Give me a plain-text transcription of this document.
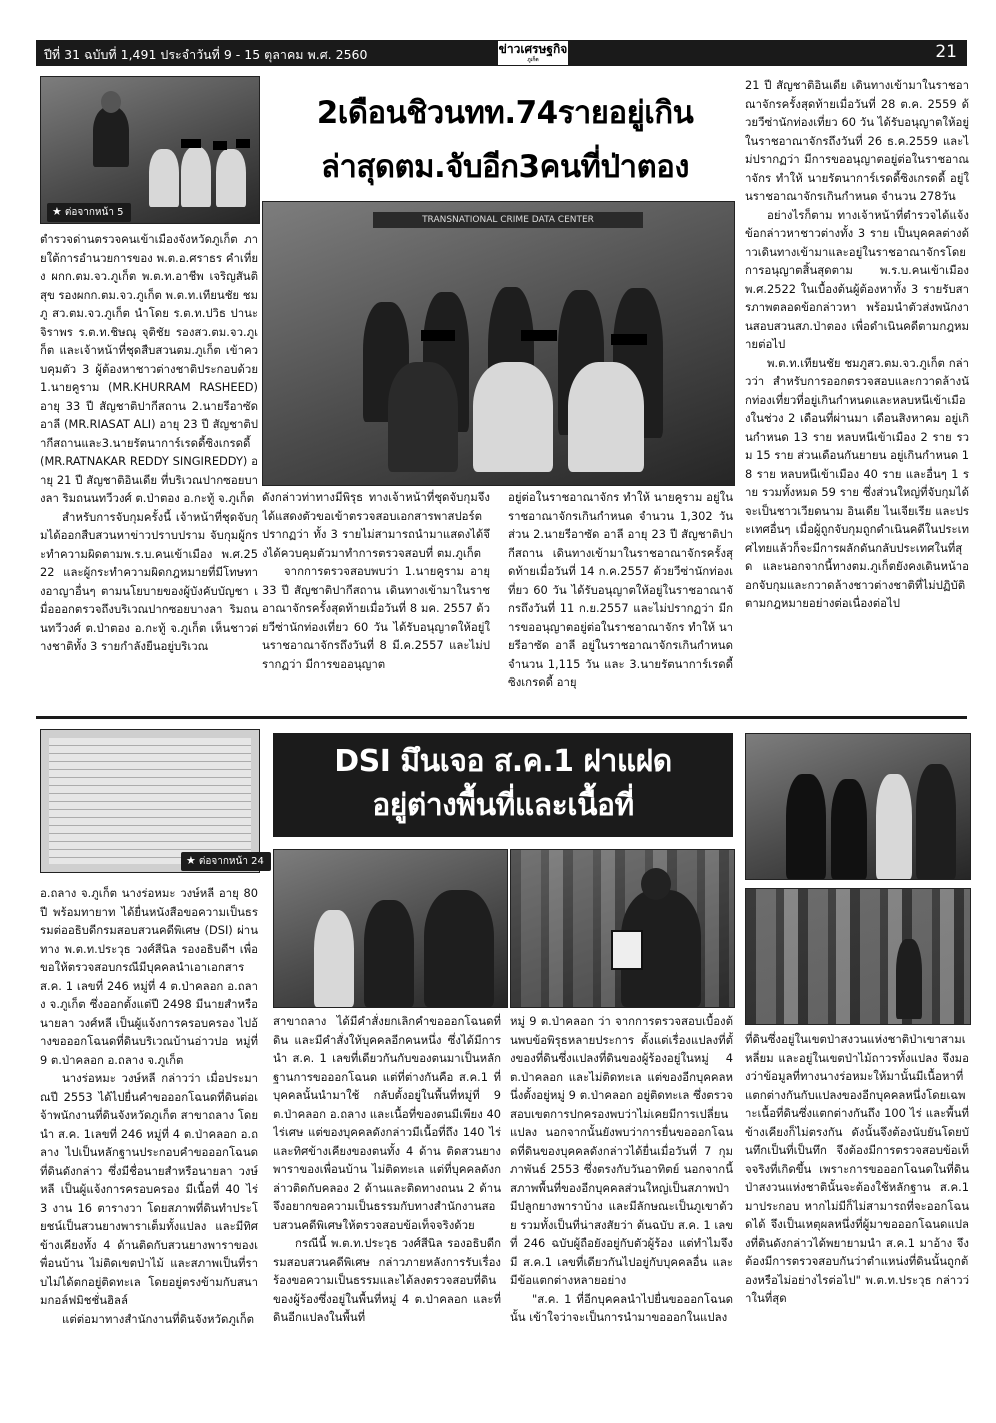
ปีที่ 31 ฉบับที่ 1,491 ประจำวันที่ 9 - 15 ตุลาคม พ.ศ. 2560	ข่าวเศรษฐกิจ
ภูเก็ต	21
★ ต่อจากหน้า 5
2เดือนชิวนทท.74รายอยู่เกิน
ล่าสุดตม.จับอีก3คนที่ป่าตอง
TRANSNATIONAL CRIME DATA CENTER

ตำรวจด่านตรวจคนเข้าเมืองจังหวัดภูเก็ต ภายใต้การอำนวยการของ พ.ต.อ.ศราธร คำเที่ยง ผกก.ตม.จว.ภูเก็ต พ.ต.ท.อาชีพ เจริญสันติสุข รองผกก.ตม.จว.ภูเก็ต พ.ต.ท.เทียนชัย ชมภู สว.ตม.จว.ภูเก็ต นำโดย ร.ต.ท.ปวิธ ปานะจิราพร ร.ต.ท.ชิษณุ จุติชัย รองสว.ตม.จว.ภูเก็ต และเจ้าหน้าที่ชุดสืบสวนตม.ภูเก็ต เข้าควบคุมตัว 3 ผู้ต้องหาชาวต่างชาติประกอบด้วย 1.นายคูราม (MR.KHURRAM RASHEED) อายุ 33 ปี สัญชาติปากีสถาน 2.นายรีอาซัด อาลี (MR.RIASAT ALI) อายุ 23 ปี สัญชาติปากีสถานและ3.นายรัตนาการ์เรดดี้ซิงเกรดดี้ (MR.RATNAKAR REDDY SINGIREDDY) อายุ 21 ปี สัญชาติอินเดีย ที่บริเวณปากซอยบางลา ริมถนนทวีวงศ์ ต.ป่าตอง อ.กะทู้ จ.ภูเก็ต

สำหรับการจับกุมครั้งนี้ เจ้าหน้าที่ชุดจับกุมได้ออกสืบสวนหาข่าวปราบปราม จับกุมผู้กระทำความผิดตามพ.ร.บ.คนเข้าเมือง พ.ศ.2522 และผู้กระทำความผิดกฎหมายที่มีโทษทางอาญาอื่นๆ ตามนโยบายของผู้บังคับบัญชา เมื่อออกตรวจถึงบริเวณปากซอยบางลา ริมถนนทวีวงศ์ ต.ป่าตอง อ.กะทู้ จ.ภูเก็ต เห็นชาวต่างชาติทั้ง 3 รายกำลังยืนอยู่บริเวณ

ดังกล่าวท่าทางมีพิรุธ ทางเจ้าหน้าที่ชุดจับกุมจึงได้แสดงตัวขอเข้าตรวจสอบเอกสารพาสปอร์ต ปรากฏว่า ทั้ง 3 รายไม่สามารถนำมาแสดงได้จึงได้ควบคุมตัวมาทำการตรวจสอบที่ ตม.ภูเก็ต

จากการตรวจสอบพบว่า 1.นายคูราม อายุ 33 ปี สัญชาติปากีสถาน เดินทางเข้ามาในราชอาณาจักรครั้งสุดท้ายเมื่อวันที่ 8 มค. 2557 ด้วยวีซ่านักท่องเที่ยว 60 วัน ได้รับอนุญาตให้อยู่ในราชอาณาจักรถึงวันที่ 8 มี.ค.2557 และไม่ปรากฏว่า มีการขออนุญาต

อยู่ต่อในราชอาณาจักร ทำให้ นายคูราม อยู่ในราชอาณาจักรเกินกำหนด จำนวน 1,302 วัน ส่วน 2.นายรีอาซัด อาลี อายุ 23 ปี สัญชาติปากีสถาน เดินทางเข้ามาในราชอาณาจักรครั้งสุดท้ายเมื่อวันที่ 14 ก.ค.2557 ด้วยวีซ่านักท่องเที่ยว 60 วัน ได้รับอนุญาตให้อยู่ในราชอาณาจักรถึงวันที่ 11 ก.ย.2557 และไม่ปรากฏว่า มีการขออนุญาตอยู่ต่อในราชอาณาจักร ทำให้ นายรีอาซัด อาลี อยู่ในราชอาณาจักรเกินกำหนด จำนวน 1,115 วัน และ 3.นายรัตนาการ์เรดดี้ซิงเกรดดี้ อายุ

21 ปี สัญชาติอินเดีย เดินทางเข้ามาในราชอาณาจักรครั้งสุดท้ายเมื่อวันที่ 28 ต.ค. 2559 ด้วยวีซ่านักท่องเที่ยว 60 วัน ได้รับอนุญาตให้อยู่ในราชอาณาจักรถึงวันที่ 26 ธ.ค.2559 และไม่ปรากฏว่า มีการขออนุญาตอยู่ต่อในราชอาณาจักร ทำให้ นายรัตนาการ์เรดดี้ซิงเกรดดี้ อยู่ในราชอาณาจักรเกินกำหนด จำนวน 278วัน

อย่างไรก็ตาม ทางเจ้าหน้าที่ตำรวจได้แจ้งข้อกล่าวหาชาวต่างทั้ง 3 ราย เป็นบุคคลต่างด้าวเดินทางเข้ามาและอยู่ในราชอาณาจักรโดยการอนุญาตสิ้นสุดตาม พ.ร.บ.คนเข้าเมือง พ.ศ.2522 ในเบื้องต้นผู้ต้องหาทั้ง 3 รายรับสารภาพตลอดข้อกล่าวหา พร้อมนำตัวส่งพนักงานสอบสวนสภ.ป่าตอง เพื่อดำเนินคดีตามกฎหมายต่อไป

พ.ต.ท.เทียนชัย ชมภูสว.ตม.จว.ภูเก็ต กล่าวว่า สำหรับการออกตรวจสอบและกวาดล้างนักท่องเที่ยวที่อยู่เกินกำหนดและหลบหนีเข้าเมืองในช่วง 2 เดือนที่ผ่านมา เดือนสิงหาคม อยู่เกินกำหนด 13 ราย หลบหนีเข้าเมือง 2 ราย รวม 15 ราย ส่วนเดือนกันยายน อยู่เกินกำหนด 18 ราย หลบหนีเข้าเมือง 40 ราย และอื่นๆ 1 ราย รวมทั้งหมด 59 ราย ซึ่งส่วนใหญ่ที่จับกุมได้จะเป็นชาวเวียดนาม อินเดีย ไนเจียเรีย และประเทศอื่นๆ เมื่อผู้ถูกจับกุมถูกดำเนินคดีในประเทศไทยแล้วก็จะมีการผลักดันกลับประเทศในที่สุด และนอกจากนี้ทางตม.ภูเก็ตยังคงเดินหน้าออกจับกุมและกวาดล้างชาวต่างชาติที่ไม่ปฏิบัติตามกฎหมายอย่างต่อเนื่องต่อไป

★ ต่อจากหน้า 24
DSI มึนเจอ ส.ค.1 ฝาแฝด
อยู่ต่างพื้นที่และเนื้อที่

อ.ถลาง จ.ภูเก็ต นางร่อหมะ วงษ์หลี อายุ 80 ปี พร้อมทายาท ได้ยื่นหนังสือขอความเป็นธรรมต่ออธิบดีกรมสอบสวนคดีพิเศษ (DSI) ผ่านทาง พ.ต.ท.ประวุธ วงศ์สีนิล รองอธิบดีฯ เพื่อขอให้ตรวจสอบกรณีมีบุคคลนำเอาเอกสาร ส.ค. 1 เลขที่ 246 หมู่ที่ 4 ต.ป่าคลอก อ.ถลาง จ.ภูเก็ต ซึ่งออกตั้งแต่ปี 2498 มีนายสำหรือ นายลา วงศ์หลี เป็นผู้แจ้งการครอบครอง ไปอ้างขอออกโฉนดที่ดินบริเวณบ้านอ่าวปอ หมู่ที่ 9 ต.ป่าคลอก อ.ถลาง จ.ภูเก็ต

นางร่อหมะ วงษ์หลี กล่าวว่า เมื่อประมาณปี 2553 ได้ไปยื่นคำขอออกโฉนดที่ดินต่อเจ้าพนักงานที่ดินจังหวัดภูเก็ต สาขาถลาง โดยนำ ส.ค. 1เลขที่ 246 หมู่ที่ 4 ต.ป่าคลอก อ.ถลาง ไปเป็นหลักฐานประกอบคำขอออกโฉนดที่ดินดังกล่าว ซึ่งมีชื่อนายสำหรือนายลา วงษ์หลี เป็นผู้แจ้งการครอบครอง มีเนื้อที่ 40 ไร่ 3 งาน 16 ตารางวา โดยสภาพที่ดินทำประโยชน์เป็นสวนยางพาราเต็มทั้งแปลง และมีทิศข้างเคียงทั้ง 4 ด้านติดกับสวนยางพาราของเพื่อนบ้าน ไม่ติดเขตป่าไม้ และสภาพเป็นที่ราบไม่ได้ตกอยู่ติดทะเล โดยอยู่ตรงข้ามกับสนามกอล์ฟมิชชั่นฮิลล์

แต่ต่อมาทางสำนักงานที่ดินจังหวัดภูเก็ต

สาขาถลาง ได้มีคำสั่งยกเลิกคำขอออกโฉนดที่ดิน และมีคำสั่งให้บุคคลอีกคนหนึ่ง ซึ่งได้มีการนำ ส.ค. 1 เลขที่เดียวกันกับของตนมาเป็นหลักฐานการขอออกโฉนด แต่ที่ต่างกันคือ ส.ค.1 ที่บุคคลนั้นนำมาใช้ กลับตั้งอยู่ในพื้นที่หมู่ที่ 9 ต.ป่าคลอก อ.ถลาง และเนื้อที่ของตนมีเพียง 40 ไร่เศษ แต่ของบุคคลดังกล่าวมีเนื้อที่ถึง 140 ไร่ และทิศข้างเคียงของตนทั้ง 4 ด้าน ติดสวนยางพาราของเพื่อนบ้าน ไม่ติดทะเล แต่ที่บุคคลดังกล่าวติดกับคลอง 2 ด้านและติดทางถนน 2 ด้าน จึงอยากขอความเป็นธรรมกับทางสำนักงานสอบสวนคดีพิเศษให้ตรวจสอบข้อเท็จจริงด้วย

กรณีนี้ พ.ต.ท.ประวุธ วงศ์สีนิล รองอธิบดีกรมสอบสวนคดีพิเศษ กล่าวภายหลังการรับเรื่องร้องขอความเป็นธรรมและได้ลงตรวจสอบที่ดินของผู้ร้องซึ่งอยู่ในพื้นที่หมู่ 4 ต.ป่าคลอก และที่ดินอีกแปลงในพื้นที่

หมู่ 9 ต.ป่าคลอก ว่า จากการตรวจสอบเบื้องต้นพบข้อพิรุธหลายประการ ตั้งแต่เรื่องแปลงที่ตั้งของที่ดินซึ่งแปลงที่ดินของผู้ร้องอยู่ในหมู่ 4 ต.ป่าคลอก และไม่ติดทะเล แต่ของอีกบุคคลหนึ่งตั้งอยู่หมู่ 9 ต.ป่าคลอก อยู่ติดทะเล ซึ่งตรวจสอบเขตการปกครองพบว่าไม่เคยมีการเปลี่ยนแปลง นอกจากนั้นยังพบว่าการยื่นขอออกโฉนดที่ดินของบุคคลดังกล่าวได้ยื่นเมื่อวันที่ 7 กุมภาพันธ์ 2553 ซึ่งตรงกับวันอาทิตย์ นอกจากนี้สภาพพื้นที่ของอีกบุคคลส่วนใหญ่เป็นสภาพป่า มีปลูกยางพาราบ้าง และมีลักษณะเป็นภูเขาด้วย รวมทั้งเป็นที่น่าสงสัยว่า ต้นฉบับ ส.ค. 1 เลขที่ 246 ฉบับผู้ถือยังอยู่กับตัวผู้ร้อง แต่ทำไมจึงมี ส.ค.1 เลขที่เดียวกันไปอยู่กับบุคคลอื่น และมีข้อแตกต่างหลายอย่าง

"ส.ค. 1 ที่อีกบุคคลนำไปยื่นขอออกโฉนดนั้น เข้าใจว่าจะเป็นการนำมาขอออกในแปลง

ที่ดินซึ่งอยู่ในเขตป่าสงวนแห่งชาติป่าเขาสามเหลี่ยม และอยู่ในเขตป่าไม้ถาวรทั้งแปลง จึงมองว่าข้อมูลที่ทางนางร่อหมะให้มานั้นมีเนื้อหาที่แตกต่างกันกับแปลงของอีกบุคคลหนึ่งโดยเฉพาะเนื้อที่ดินซึ่งแตกต่างกันถึง 100 ไร่ และพื้นที่ข้างเคียงก็ไม่ตรงกัน ดังนั้นจึงต้องนับยันโดยบันทึกเป็นที่เป็นทึก จึงต้องมีการตรวจสอบข้อเท็จจริงที่เกิดขึ้น เพราะการขอออกโฉนดในที่ดินป่าสงวนแห่งชาตินั้นจะต้องใช้หลักฐาน ส.ค.1 มาประกอบ หากไม่มีก็ไม่สามารถที่จะออกโฉนดได้ จึงเป็นเหตุผลหนึ่งที่ผู้มาขอออกโฉนดแปลงที่ดินดังกล่าวได้พยายามนำ ส.ค.1 มาอ้าง จึงต้องมีการตรวจสอบกันว่าตำแหน่งที่ดินนั้นถูกต้องหรือไม่อย่างไรต่อไป" พ.ต.ท.ประวุธ กล่าวว่าในที่สุด
